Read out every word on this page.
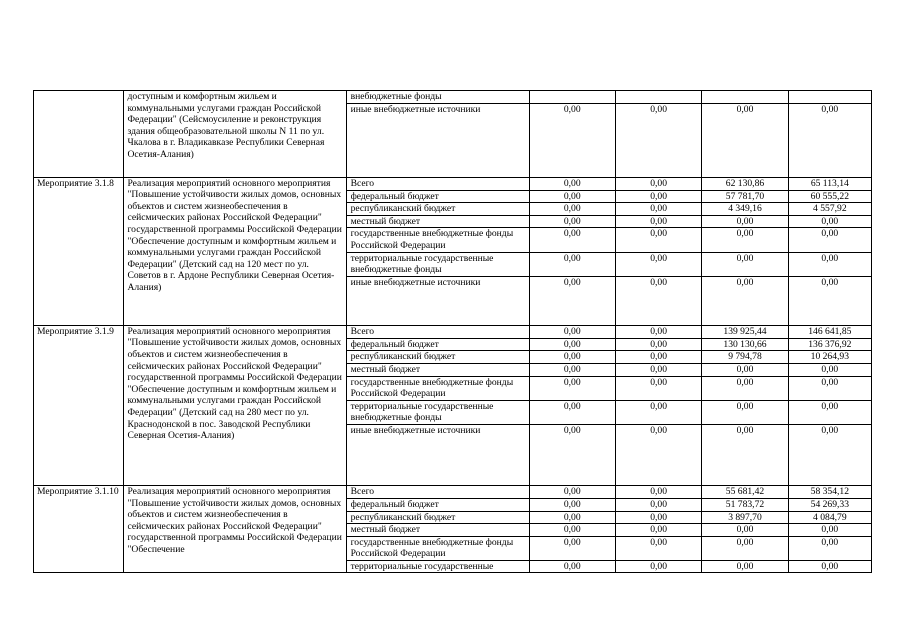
	доступным и комфортным жильем и коммунальными услугами граждан Российской Федерации" (Сейсмоусиление и реконструкция здания общеобразовательной школы N 11 по ул. Чкалова в г. Владикавказе Республики Северная Осетия-Алания)	внебюджетные фонды				
		иные внебюджетные источники	0,00	0,00	0,00	0,00
Мероприятие 3.1.8	Реализация мероприятий основного мероприятия "Повышение устойчивости жилых домов, основных объектов и систем жизнеобеспечения в сейсмических районах Российской Федерации" государственной программы Российской Федерации "Обеспечение доступным и комфортным жильем и коммунальными услугами граждан Российской Федерации" (Детский сад на 120 мест по ул. Советов в г. Ардоне Республики Северная Осетия-Алания)	Всего	0,00	0,00	62 130,86	65 113,14
		федеральный бюджет	0,00	0,00	57 781,70	60 555,22
		республиканский бюджет	0,00	0,00	4 349,16	4 557,92
		местный бюджет	0,00	0,00	0,00	0,00
		государственные внебюджетные фонды Российской Федерации	0,00	0,00	0,00	0,00
		территориальные государственные внебюджетные фонды	0,00	0,00	0,00	0,00
		иные внебюджетные источники	0,00	0,00	0,00	0,00
Мероприятие 3.1.9	Реализация мероприятий основного мероприятия "Повышение устойчивости жилых домов, основных объектов и систем жизнеобеспечения в сейсмических районах Российской Федерации" государственной программы Российской Федерации "Обеспечение доступным и комфортным жильем и коммунальными услугами граждан Российской Федерации" (Детский сад на 280 мест по ул. Краснодонской в пос. Заводской Республики Северная Осетия-Алания)	Всего	0,00	0,00	139 925,44	146 641,85
		федеральный бюджет	0,00	0,00	130 130,66	136 376,92
		республиканский бюджет	0,00	0,00	9 794,78	10 264,93
		местный бюджет	0,00	0,00	0,00	0,00
		государственные внебюджетные фонды Российской Федерации	0,00	0,00	0,00	0,00
		территориальные государственные внебюджетные фонды	0,00	0,00	0,00	0,00
		иные внебюджетные источники	0,00	0,00	0,00	0,00
Мероприятие 3.1.10	Реализация мероприятий основного мероприятия "Повышение устойчивости жилых домов, основных объектов и систем жизнеобеспечения в сейсмических районах Российской Федерации" государственной программы Российской Федерации "Обеспечение	Всего	0,00	0,00	55 681,42	58 354,12
		федеральный бюджет	0,00	0,00	51 783,72	54 269,33
		республиканский бюджет	0,00	0,00	3 897,70	4 084,79
		местный бюджет	0,00	0,00	0,00	0,00
		государственные внебюджетные фонды Российской Федерации	0,00	0,00	0,00	0,00
		территориальные государственные	0,00	0,00	0,00	0,00
